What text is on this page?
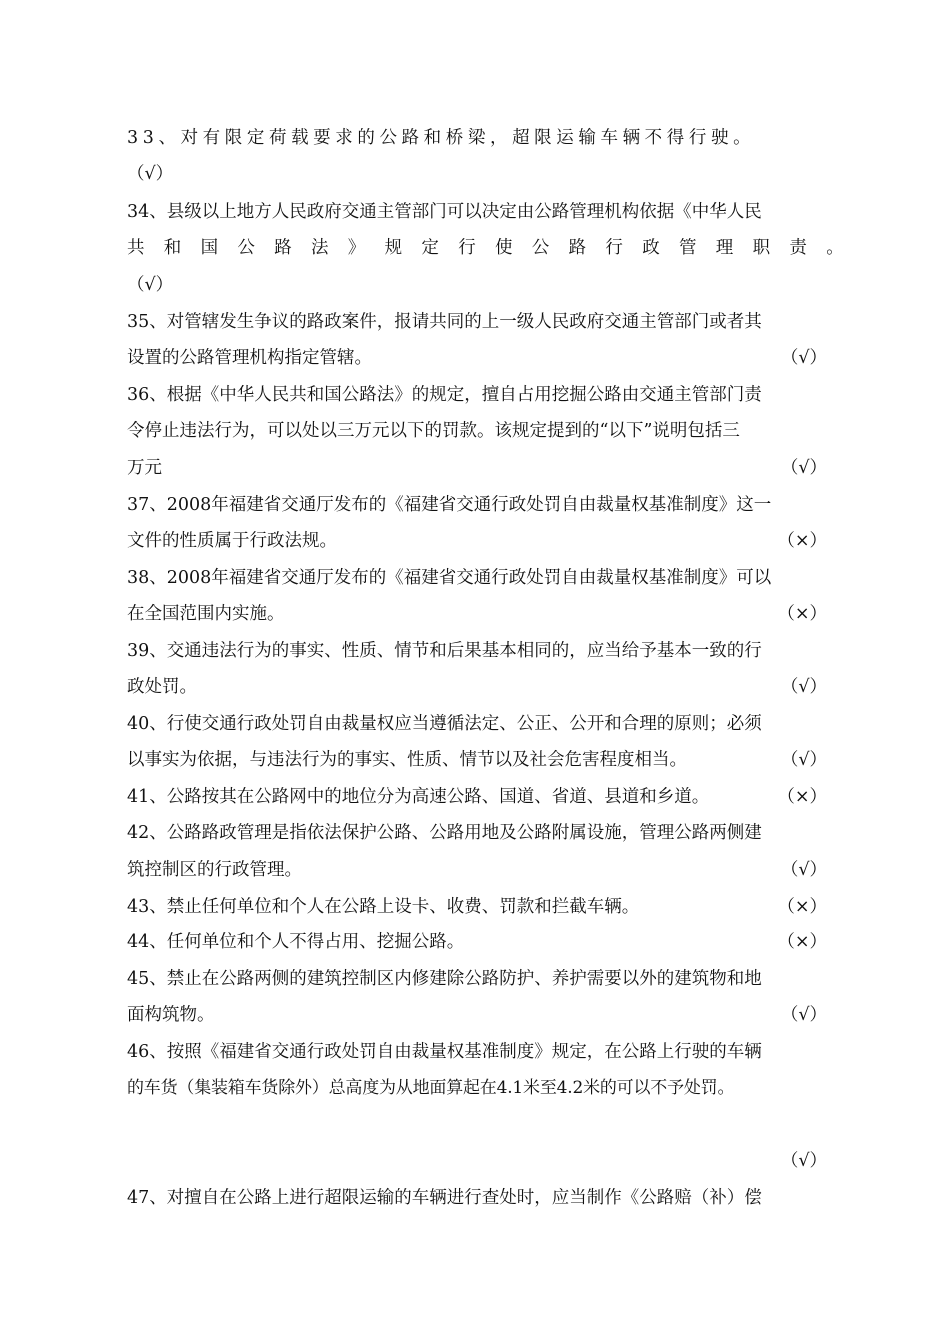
33、对有限定荷载要求的公路和桥梁，超限运输车辆不得行驶。
（√）
34、县级以上地方人民政府交通主管部门可以决定由公路管理机构依据《中华人民
共和国公路法》规定行使公路行政管理职责。
（√）
35、对管辖发生争议的路政案件，报请共同的上一级人民政府交通主管部门或者其
设置的公路管理机构指定管辖。	（√）
36、根据《中华人民共和国公路法》的规定，擅自占用挖掘公路由交通主管部门责
令停止违法行为，可以处以三万元以下的罚款。该规定提到的“以下”说明包括三
万元	（√）
37、2008年福建省交通厅发布的《福建省交通行政处罚自由裁量权基准制度》这一
文件的性质属于行政法规。	（×）
38、2008年福建省交通厅发布的《福建省交通行政处罚自由裁量权基准制度》可以
在全国范围内实施。	（×）
39、交通违法行为的事实、性质、情节和后果基本相同的，应当给予基本一致的行
政处罚。	（√）
40、行使交通行政处罚自由裁量权应当遵循法定、公正、公开和合理的原则；必须
以事实为依据，与违法行为的事实、性质、情节以及社会危害程度相当。	（√）
41、公路按其在公路网中的地位分为高速公路、国道、省道、县道和乡道。	（×）
42、公路路政管理是指依法保护公路、公路用地及公路附属设施，管理公路两侧建
筑控制区的行政管理。	（√）
43、禁止任何单位和个人在公路上设卡、收费、罚款和拦截车辆。	（×）
44、任何单位和个人不得占用、挖掘公路。	（×）
45、禁止在公路两侧的建筑控制区内修建除公路防护、养护需要以外的建筑物和地
面构筑物。	（√）
46、按照《福建省交通行政处罚自由裁量权基准制度》规定，在公路上行驶的车辆
的车货（集装箱车货除外）总高度为从地面算起在4.1米至4.2米的可以不予处罚。
（√）
47、对擅自在公路上进行超限运输的车辆进行查处时，应当制作《公路赔（补）偿
